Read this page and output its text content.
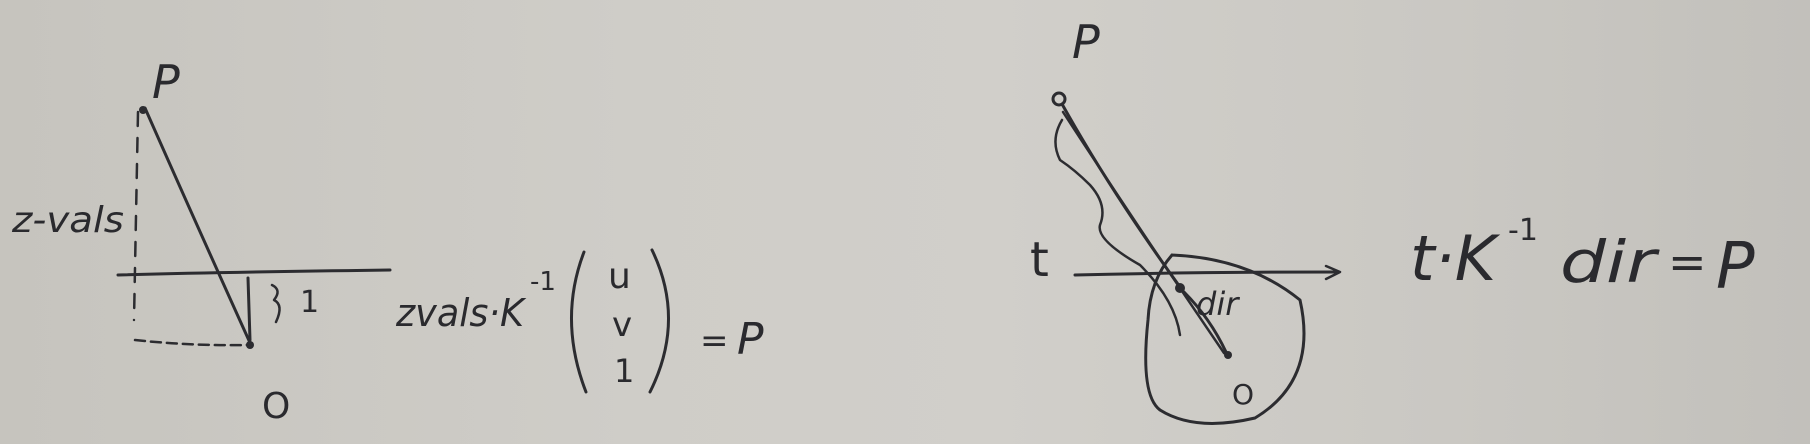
P
z-vals
1
O
zvals·K
-1 u
v
1
= P
P
t
dir
O
t·K -1 dir = P
